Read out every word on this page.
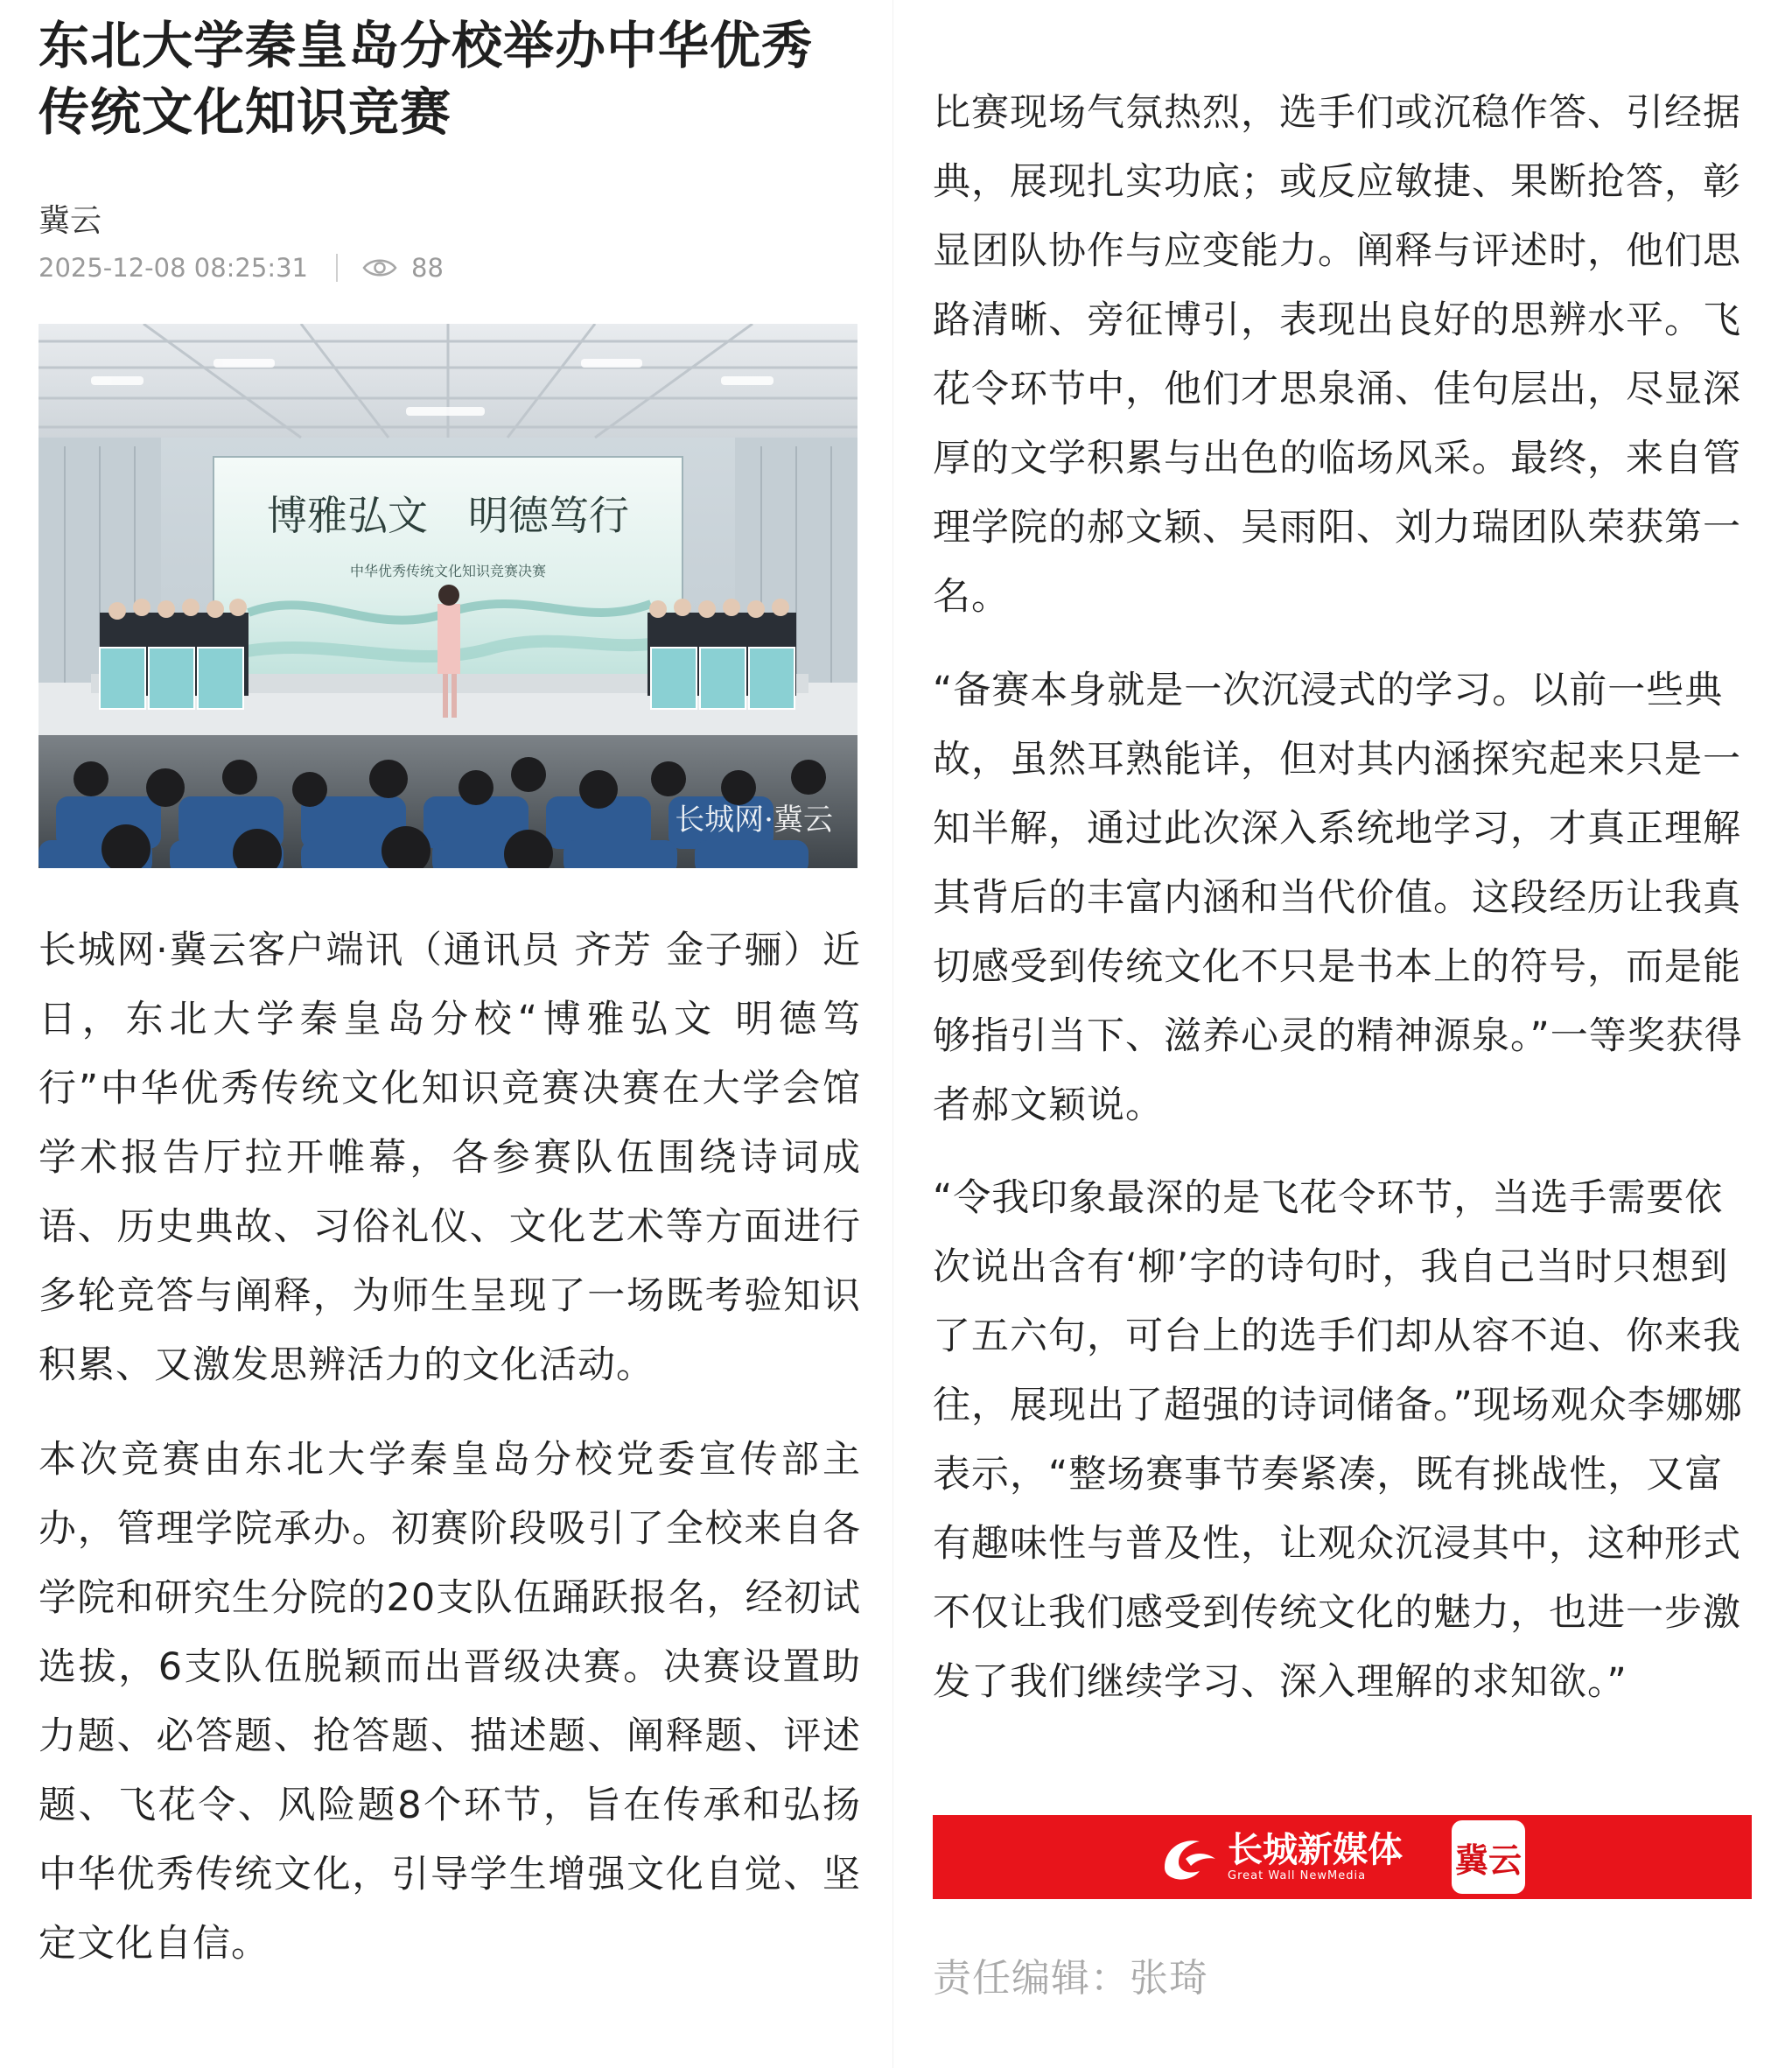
东北大学秦皇岛分校举办中华优秀传统文化知识竞赛
冀云
2025-12-08 08:25:31	88
博雅弘文　明德笃行
中华优秀传统文化知识竞赛决赛
长城网·冀云
长城网·冀云客户端讯（通讯员 齐芳 金子骊）近日，东北大学秦皇岛分校“博雅弘文 明德笃行”中华优秀传统文化知识竞赛决赛在大学会馆学术报告厅拉开帷幕，各参赛队伍围绕诗词成语、历史典故、习俗礼仪、文化艺术等方面进行多轮竞答与阐释，为师生呈现了一场既考验知识积累、又激发思辨活力的文化活动。
本次竞赛由东北大学秦皇岛分校党委宣传部主办，管理学院承办。初赛阶段吸引了全校来自各学院和研究生分院的20支队伍踊跃报名，经初试选拔，6支队伍脱颖而出晋级决赛。决赛设置助力题、必答题、抢答题、描述题、阐释题、评述题、飞花令、风险题8个环节，旨在传承和弘扬中华优秀传统文化，引导学生增强文化自觉、坚定文化自信。
比赛现场气氛热烈，选手们或沉稳作答、引经据典，展现扎实功底；或反应敏捷、果断抢答，彰显团队协作与应变能力。阐释与评述时，他们思路清晰、旁征博引，表现出良好的思辨水平。飞花令环节中，他们才思泉涌、佳句层出，尽显深厚的文学积累与出色的临场风采。最终，来自管理学院的郝文颖、吴雨阳、刘力瑞团队荣获第一名。
“备赛本身就是一次沉浸式的学习。以前一些典故，虽然耳熟能详，但对其内涵探究起来只是一知半解，通过此次深入系统地学习，才真正理解其背后的丰富内涵和当代价值。这段经历让我真切感受到传统文化不只是书本上的符号，而是能够指引当下、滋养心灵的精神源泉。”一等奖获得者郝文颖说。
“令我印象最深的是飞花令环节，当选手需要依次说出含有‘柳’字的诗句时，我自己当时只想到了五六句，可台上的选手们却从容不迫、你来我往，展现出了超强的诗词储备。”现场观众李娜娜表示，“整场赛事节奏紧凑，既有挑战性，又富有趣味性与普及性，让观众沉浸其中，这种形式不仅让我们感受到传统文化的魅力，也进一步激发了我们继续学习、深入理解的求知欲。”
长城新媒体
Great Wall NewMedia	冀云
责任编辑：张琦
